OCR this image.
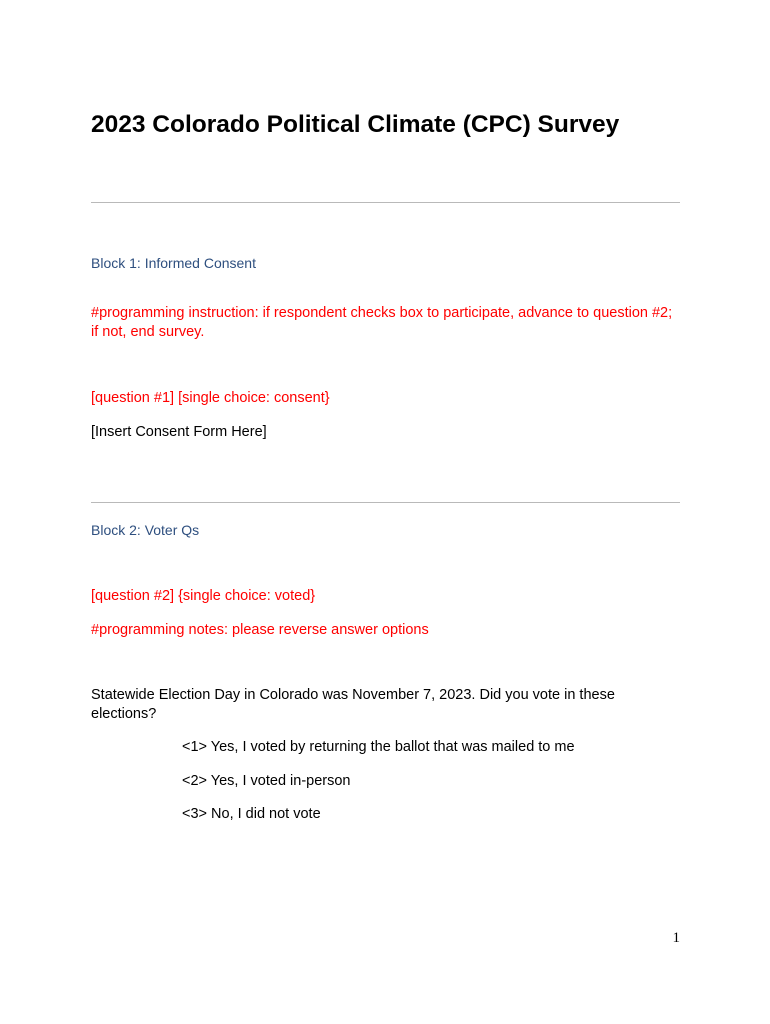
2023 Colorado Political Climate (CPC) Survey

Block 1: Informed Consent

#programming instruction: if respondent checks box to participate, advance to question #2; if not, end survey.

[question #1] [single choice: consent}

[Insert Consent Form Here]

Block 2: Voter Qs

[question #2] {single choice: voted}

#programming notes: please reverse answer options

Statewide Election Day in Colorado was November 7, 2023. Did you vote in these elections?

<1> Yes, I voted by returning the ballot that was mailed to me

<2> Yes, I voted in-person

<3> No, I did not vote

1
